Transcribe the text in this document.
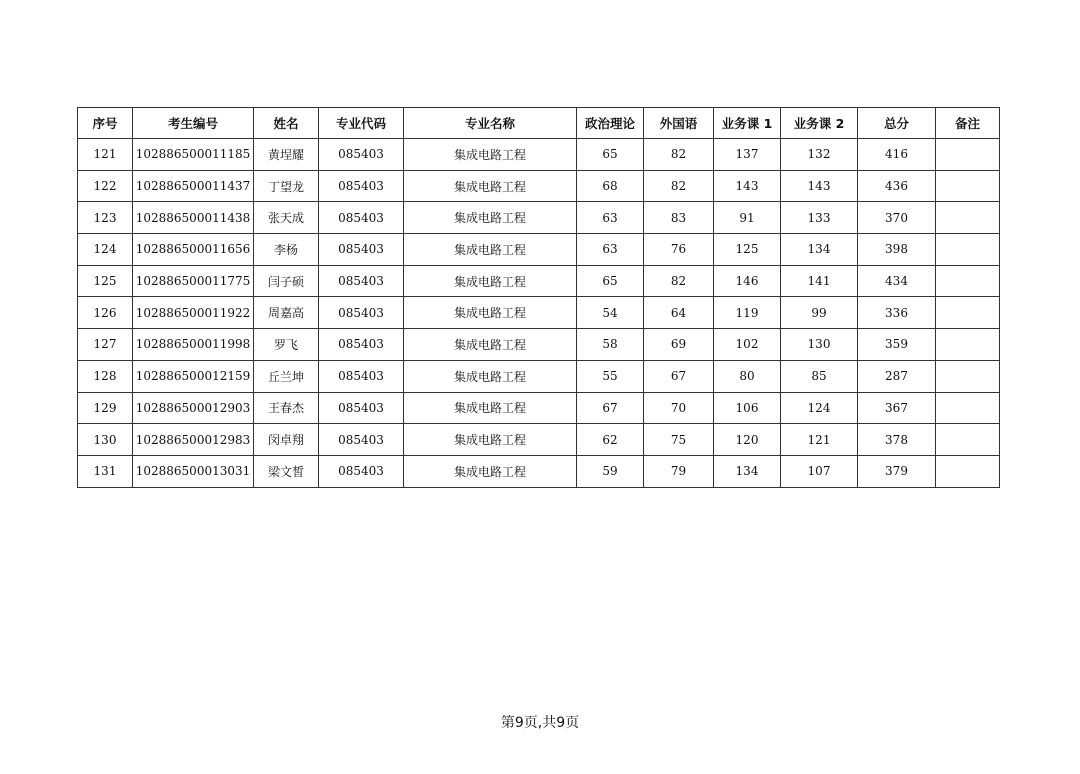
序号	考生编号	姓名	专业代码	专业名称	政治理论	外国语	业务课 1	业务课 2	总分	备注
121	102886500011185	黄埕耀	085403	集成电路工程	65	82	137	132	416	
122	102886500011437	丁望龙	085403	集成电路工程	68	82	143	143	436	
123	102886500011438	张天成	085403	集成电路工程	63	83	91	133	370	
124	102886500011656	李杨	085403	集成电路工程	63	76	125	134	398	
125	102886500011775	闫子硕	085403	集成电路工程	65	82	146	141	434	
126	102886500011922	周嘉高	085403	集成电路工程	54	64	119	99	336	
127	102886500011998	罗飞	085403	集成电路工程	58	69	102	130	359	
128	102886500012159	丘兰坤	085403	集成电路工程	55	67	80	85	287	
129	102886500012903	王春杰	085403	集成电路工程	67	70	106	124	367	
130	102886500012983	闵卓翔	085403	集成电路工程	62	75	120	121	378	
131	102886500013031	梁文皙	085403	集成电路工程	59	79	134	107	379	
第9页,共9页
